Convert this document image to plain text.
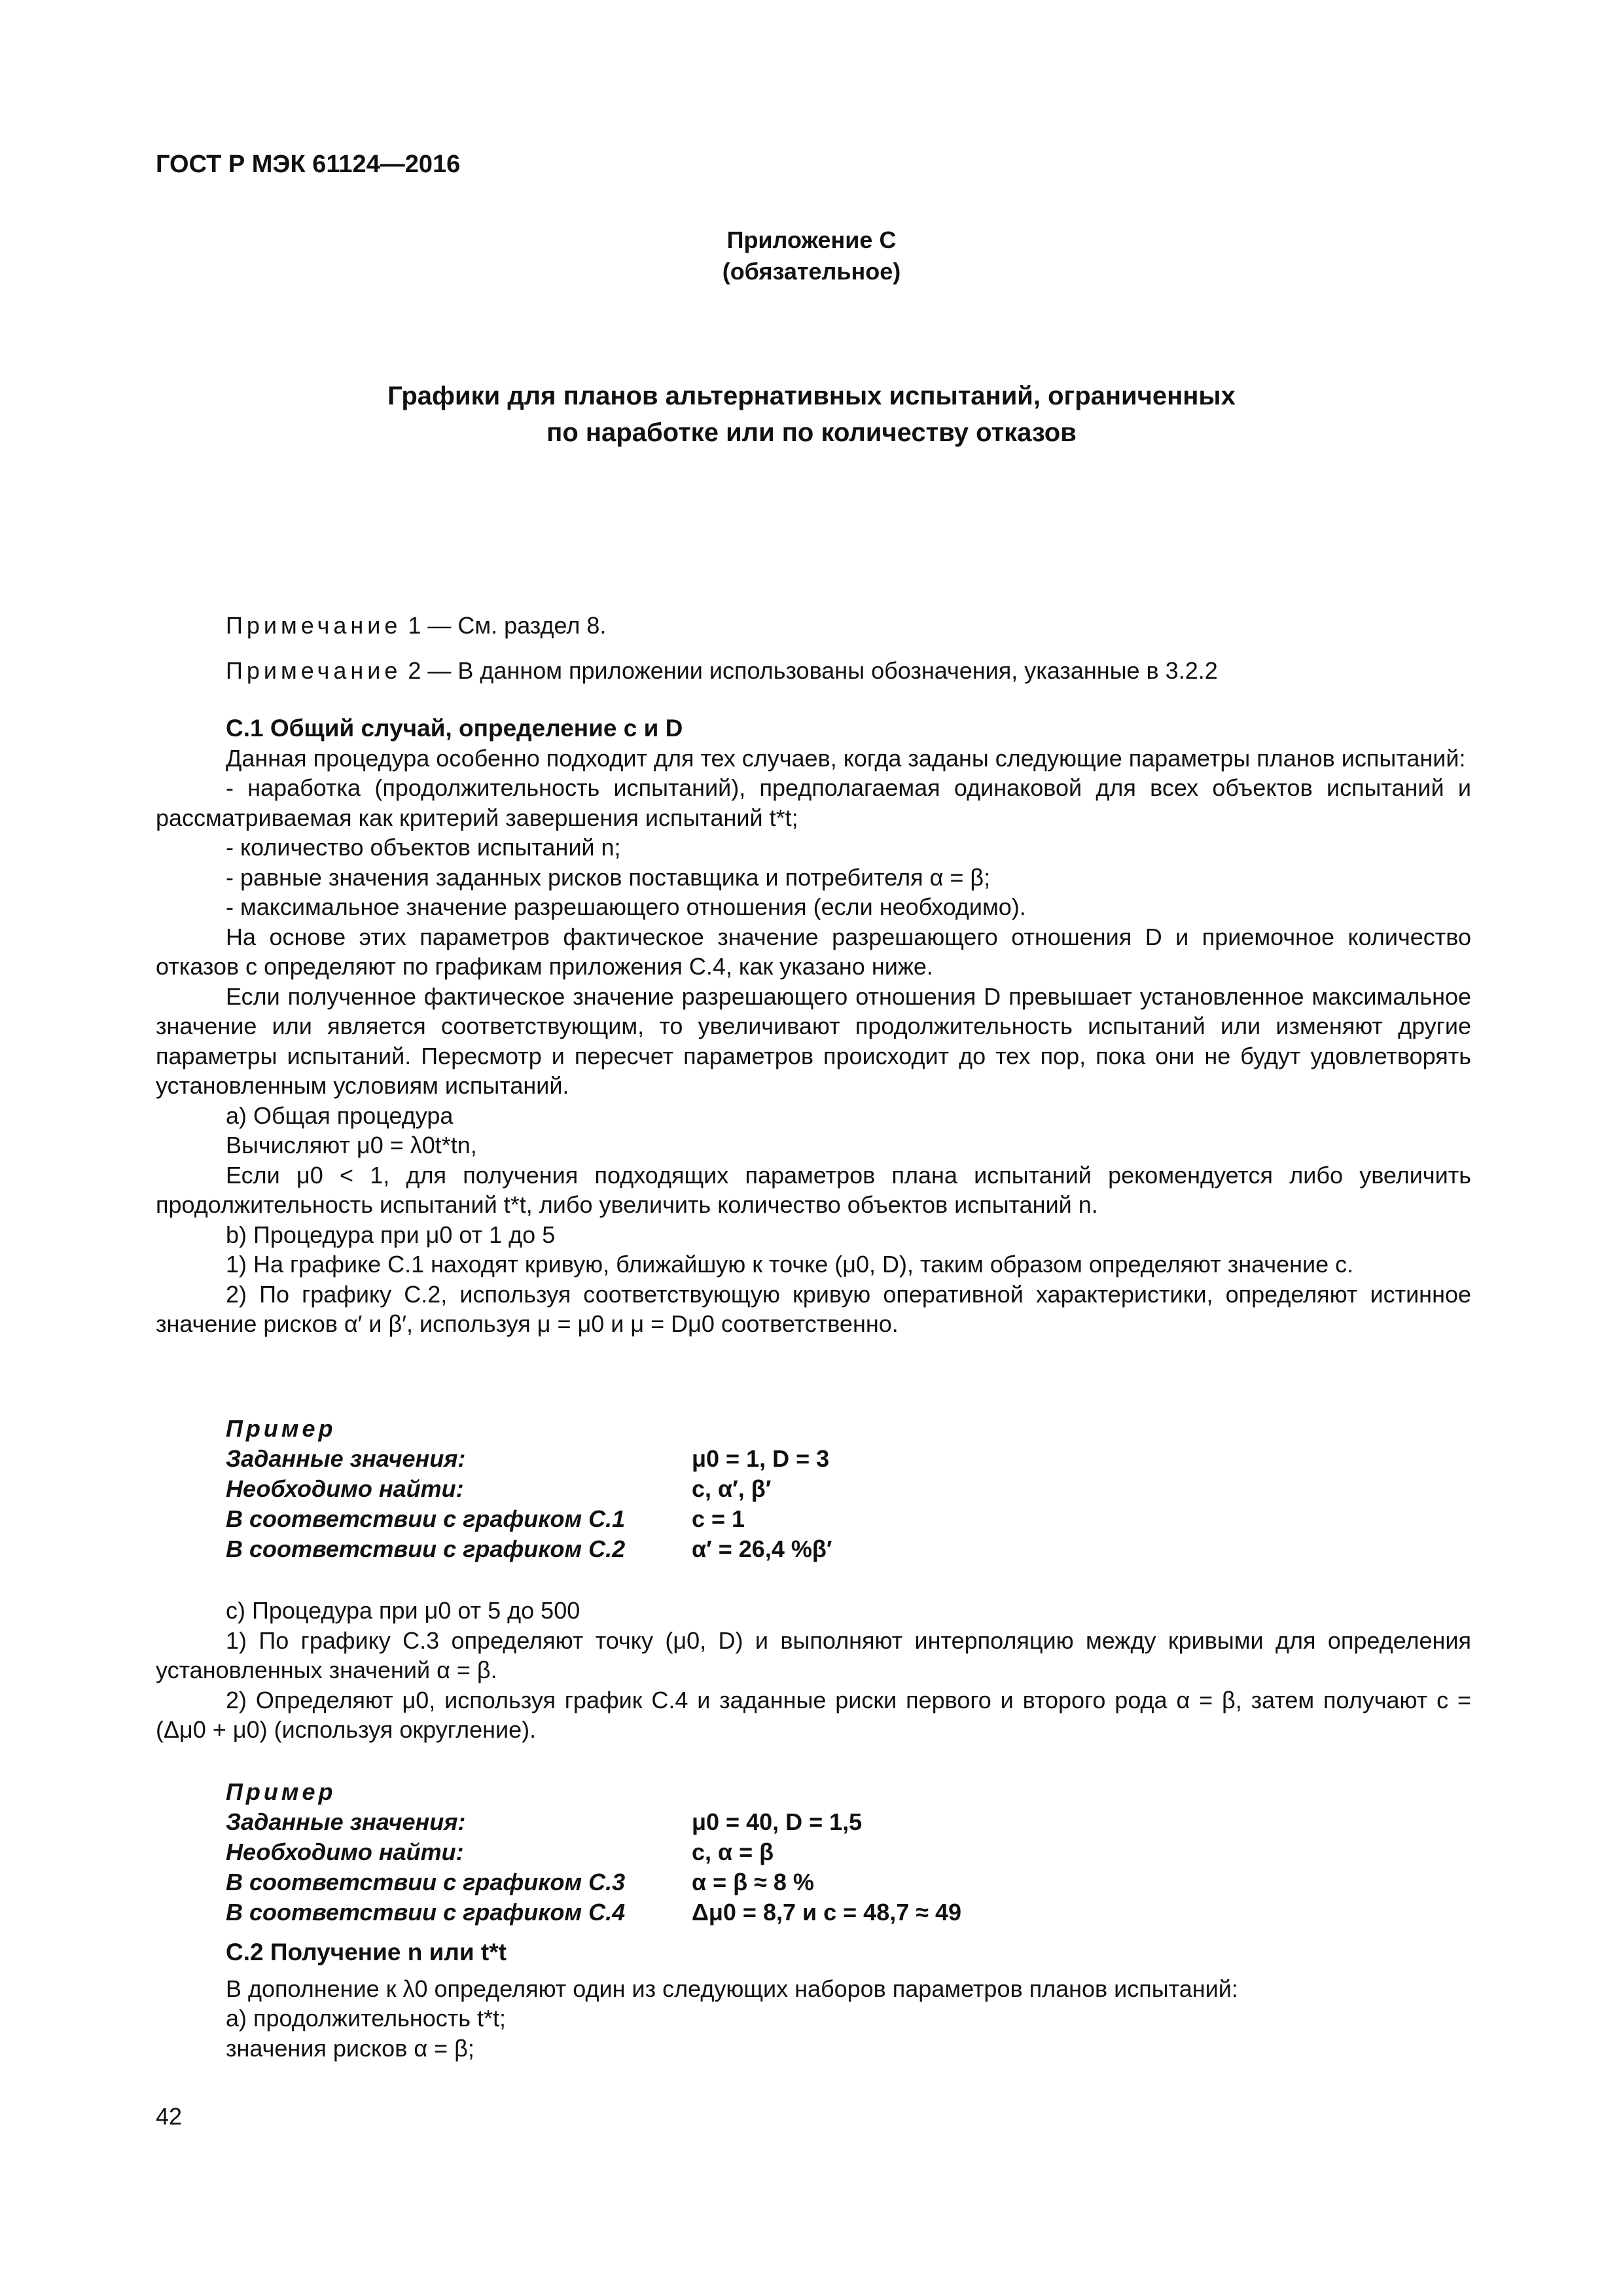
ГОСТ Р МЭК 61124—2016
Приложение С
(обязательное)
Графики для планов альтернативных испытаний, ограниченных
по наработке или по количеству отказов
Примечание 1 — См. раздел 8.
Примечание 2 — В данном приложении использованы обозначения, указанные в 3.2.2

С.1 Общий случай, определение c и D

Данная процедура особенно подходит для тех случаев, когда заданы следующие параметры планов испытаний:

- наработка (продолжительность испытаний), предполагаемая одинаковой для всех объектов испытаний и рассматриваемая как критерий завершения испытаний t*t;

- количество объектов испытаний n;

- равные значения заданных рисков поставщика и потребителя α = β;

- максимальное значение разрешающего отношения (если необходимо).

На основе этих параметров фактическое значение разрешающего отношения D и приемочное количество отказов c определяют по графикам приложения С.4, как указано ниже.

Если полученное фактическое значение разрешающего отношения D превышает установленное максимальное значение или является соответствующим, то увеличивают продолжительность испытаний или изменяют другие параметры испытаний. Пересмотр и пересчет параметров происходит до тех пор, пока они не будут удовлетворять установленным условиям испытаний.

а) Общая процедура

Вычисляют μ0 = λ0t*tn,

Если μ0 < 1, для получения подходящих параметров плана испытаний рекомендуется либо увеличить продолжительность испытаний t*t, либо увеличить количество объектов испытаний n.

b) Процедура при μ0 от 1 до 5

1) На графике С.1 находят кривую, ближайшую к точке (μ0, D), таким образом определяют значение c.

2) По графику С.2, используя соответствующую кривую оперативной характеристики, определяют истинное значение рисков α′ и β′, используя μ = μ0 и μ = Dμ0 соответственно.

Пример
Заданные значения:	μ0 = 1, D = 3
Необходимо найти:	c, α′, β′
В соответствии с графиком С.1	c = 1
В соответствии с графиком С.2	α′ = 26,4 %β′

c) Процедура при μ0 от 5 до 500

1) По графику С.3 определяют точку (μ0, D) и выполняют интерполяцию между кривыми для определения установленных значений α = β.

2) Определяют μ0, используя график С.4 и заданные риски первого и второго рода α = β, затем получают c = (Δμ0 + μ0) (используя округление).

Пример
Заданные значения:	μ0 = 40, D = 1,5
Необходимо найти:	c, α = β
В соответствии с графиком С.3	α = β ≈ 8 %
В соответствии с графиком С.4	Δμ0 = 8,7 и c = 48,7 ≈ 49

С.2 Получение n или t*t

В дополнение к λ0 определяют один из следующих наборов параметров планов испытаний:

а) продолжительность t*t;

значения рисков α = β;

42
